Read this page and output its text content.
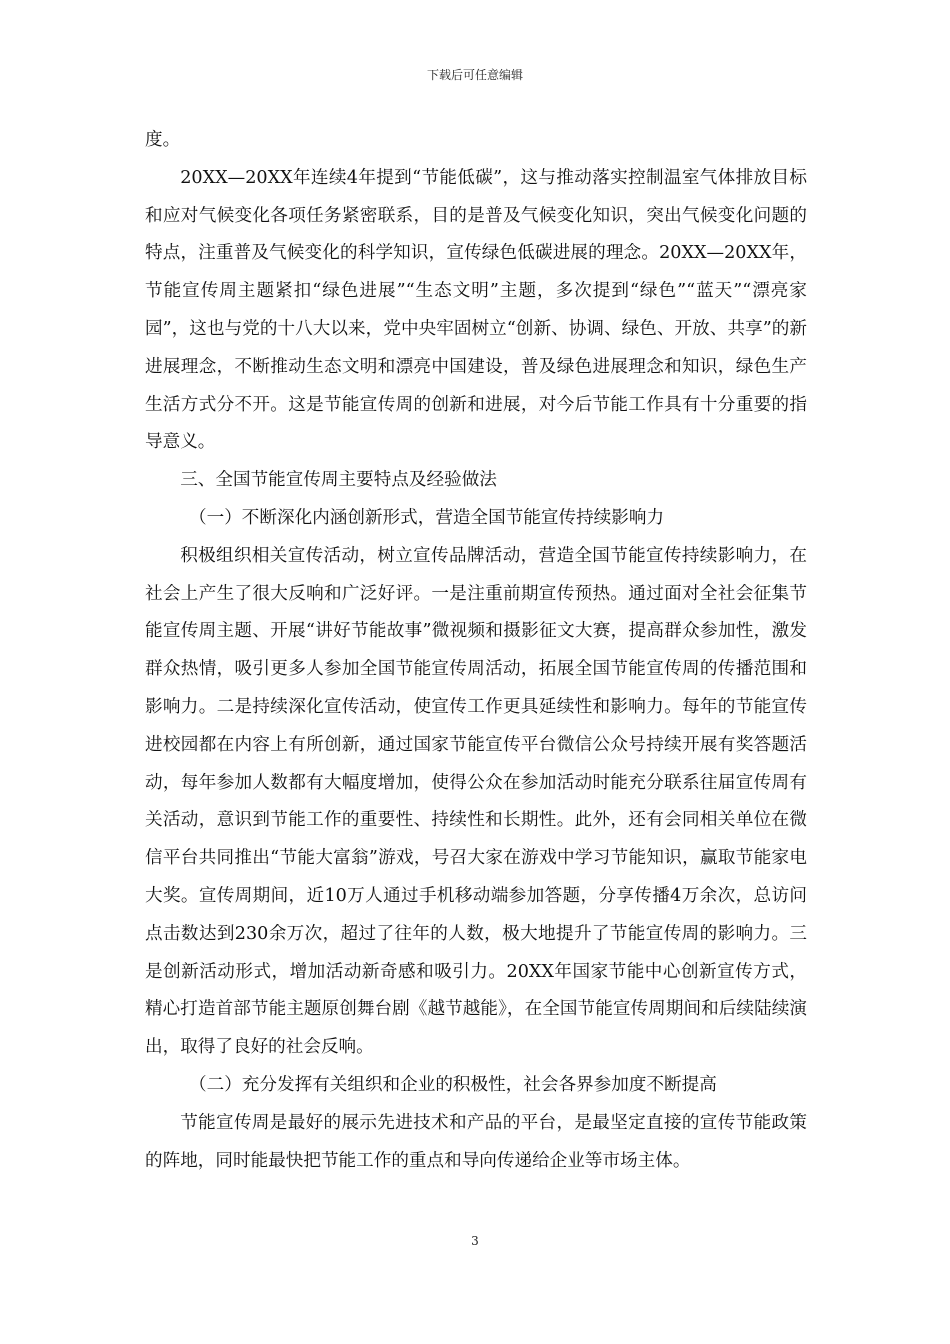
下载后可任意编辑

度。

20XX—20XX年连续4年提到“节能低碳”，这与推动落实控制温室气体排放目标和应对气候变化各项任务紧密联系，目的是普及气候变化知识，突出气候变化问题的特点，注重普及气候变化的科学知识，宣传绿色低碳进展的理念。20XX—20XX年，节能宣传周主题紧扣“绿色进展”“生态文明”主题，多次提到“绿色”“蓝天”“漂亮家园”，这也与党的十八大以来，党中央牢固树立“创新、协调、绿色、开放、共享”的新进展理念，不断推动生态文明和漂亮中国建设，普及绿色进展理念和知识，绿色生产生活方式分不开。这是节能宣传周的创新和进展，对今后节能工作具有十分重要的指导意义。

三、全国节能宣传周主要特点及经验做法

（一）不断深化内涵创新形式，营造全国节能宣传持续影响力

积极组织相关宣传活动，树立宣传品牌活动，营造全国节能宣传持续影响力，在社会上产生了很大反响和广泛好评。一是注重前期宣传预热。通过面对全社会征集节能宣传周主题、开展“讲好节能故事”微视频和摄影征文大赛，提高群众参加性，激发群众热情，吸引更多人参加全国节能宣传周活动，拓展全国节能宣传周的传播范围和影响力。二是持续深化宣传活动，使宣传工作更具延续性和影响力。每年的节能宣传进校园都在内容上有所创新，通过国家节能宣传平台微信公众号持续开展有奖答题活动，每年参加人数都有大幅度增加，使得公众在参加活动时能充分联系往届宣传周有关活动，意识到节能工作的重要性、持续性和长期性。此外，还有会同相关单位在微信平台共同推出“节能大富翁”游戏，号召大家在游戏中学习节能知识，赢取节能家电大奖。宣传周期间，近10万人通过手机移动端参加答题，分享传播4万余次，总访问点击数达到230余万次，超过了往年的人数，极大地提升了节能宣传周的影响力。三是创新活动形式，增加活动新奇感和吸引力。20XX年国家节能中心创新宣传方式，精心打造首部节能主题原创舞台剧《越节越能》，在全国节能宣传周期间和后续陆续演出，取得了良好的社会反响。

（二）充分发挥有关组织和企业的积极性，社会各界参加度不断提高

节能宣传周是最好的展示先进技术和产品的平台，是最坚定直接的宣传节能政策的阵地，同时能最快把节能工作的重点和导向传递给企业等市场主体。

3
